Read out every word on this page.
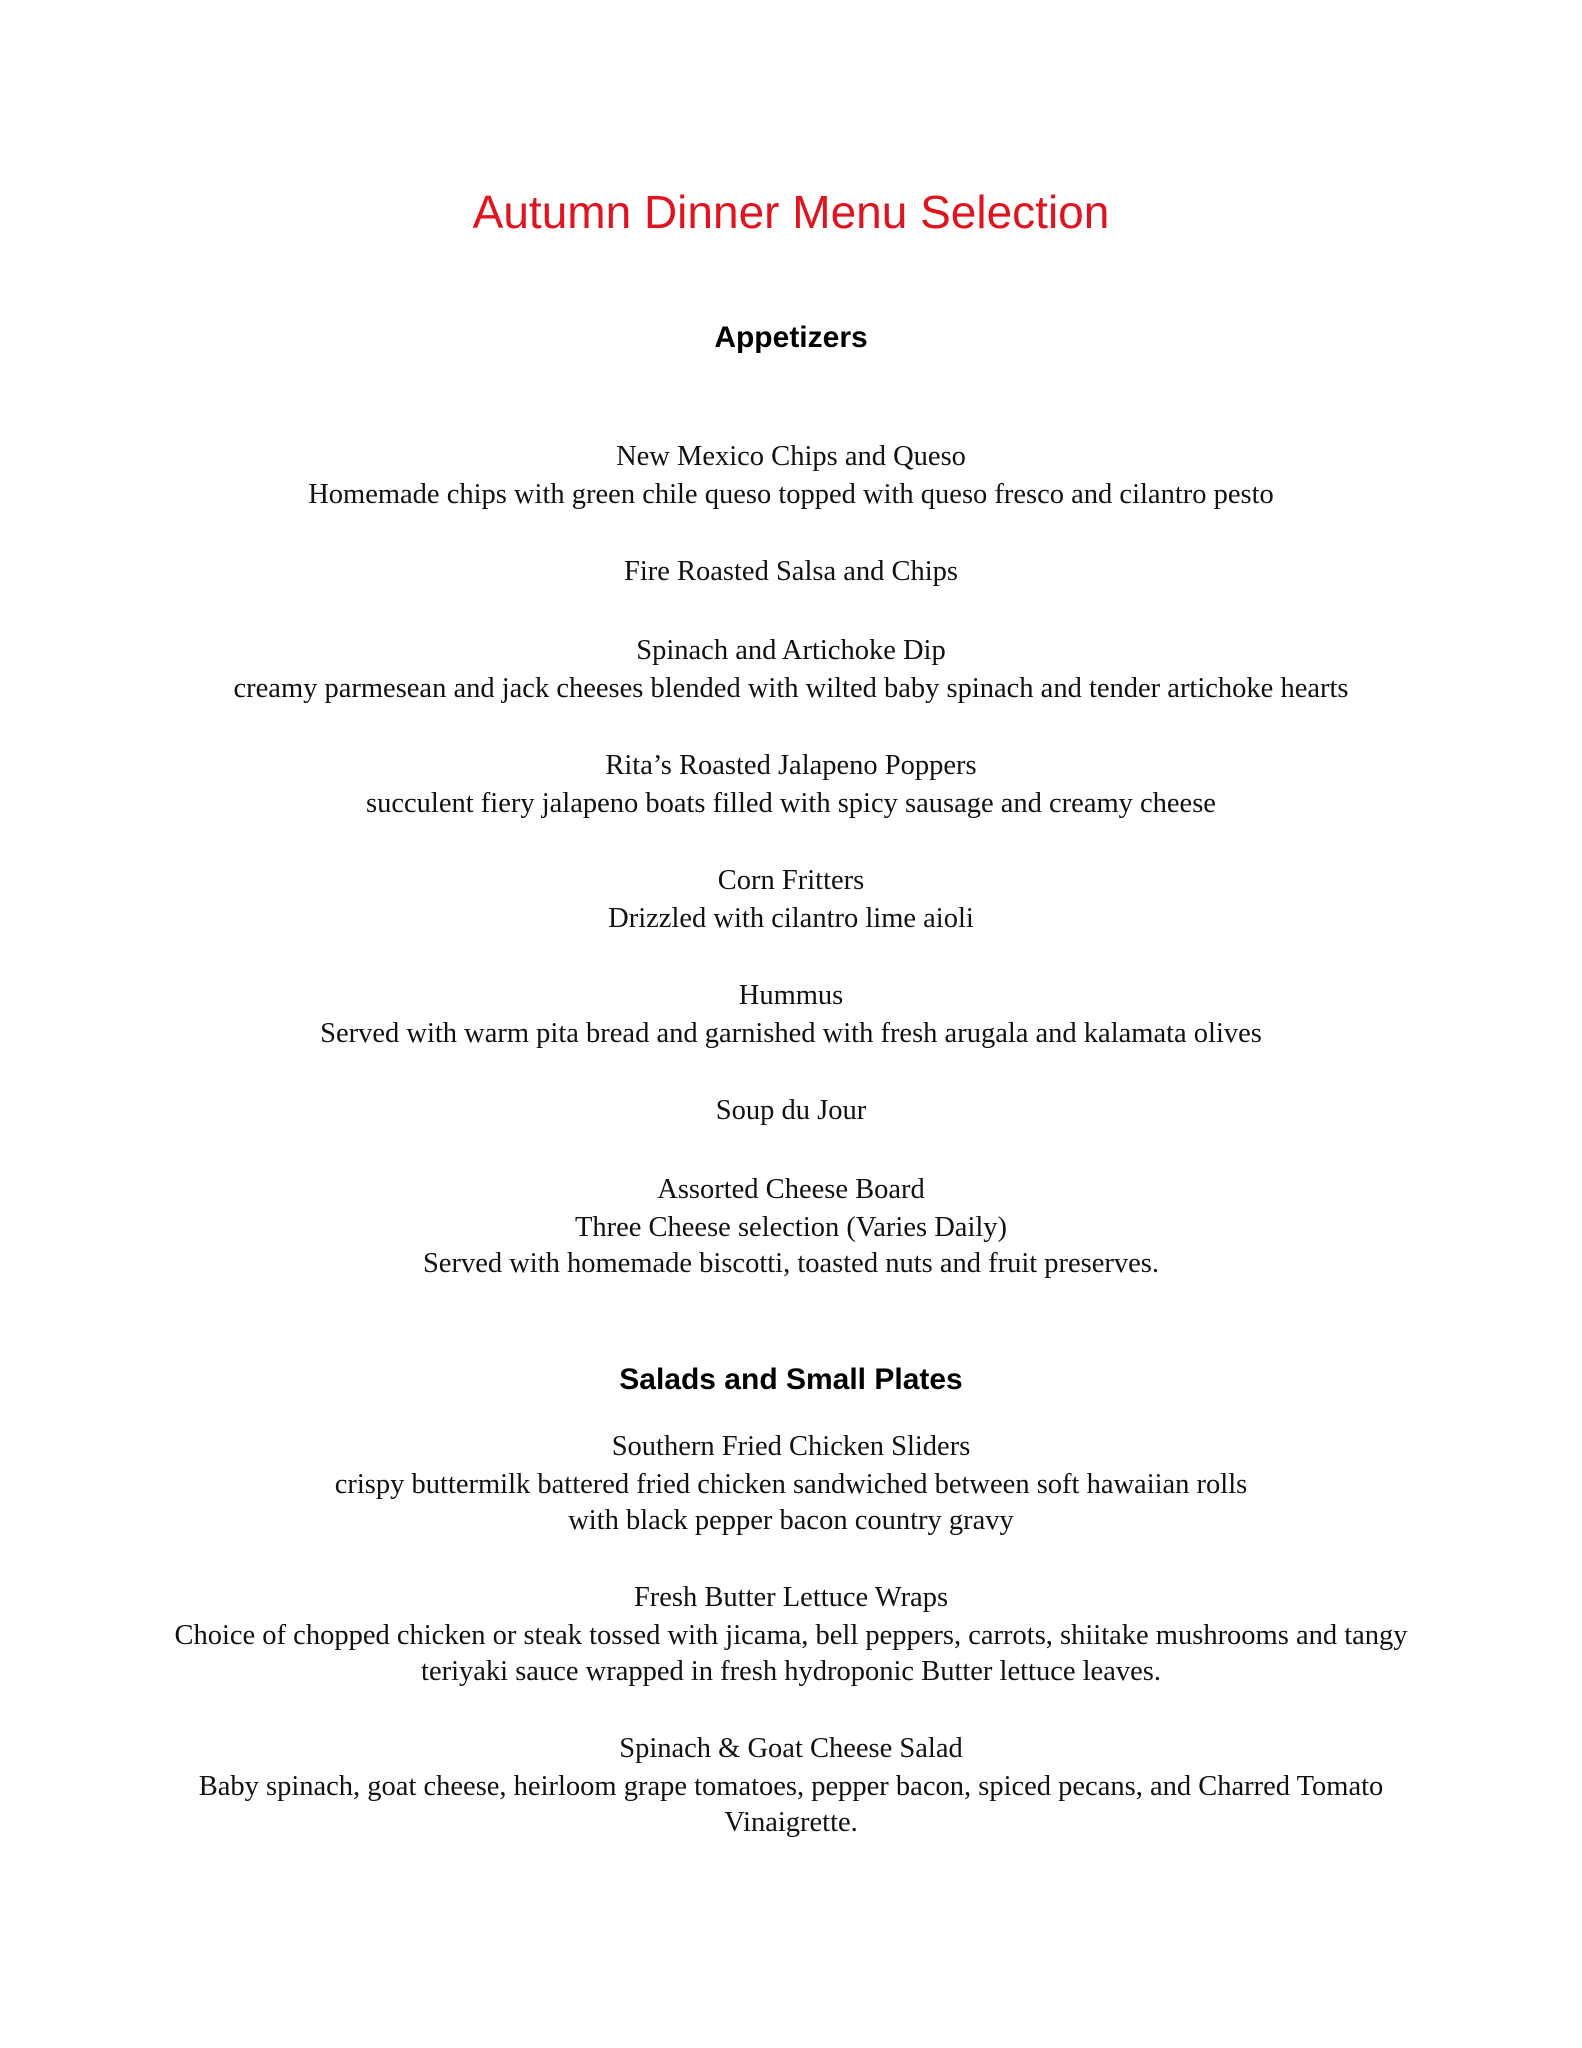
Autumn Dinner Menu Selection
Appetizers

New Mexico Chips and Queso

Homemade chips with green chile queso topped with queso fresco and cilantro pesto

Fire Roasted Salsa and Chips

Spinach and Artichoke Dip

creamy parmesean and jack cheeses blended with wilted baby spinach and tender artichoke hearts

Rita’s Roasted Jalapeno Poppers

succulent fiery jalapeno boats filled with spicy sausage and creamy cheese

Corn Fritters

Drizzled with cilantro lime aioli

Hummus

Served with warm pita bread and garnished with fresh arugala and kalamata olives

Soup du Jour

Assorted Cheese Board

Three Cheese selection (Varies Daily)

Served with homemade biscotti, toasted nuts and fruit preserves.

Salads and Small Plates

Southern Fried Chicken Sliders

crispy buttermilk battered fried chicken sandwiched between soft hawaiian rolls

with black pepper bacon country gravy

Fresh Butter Lettuce Wraps

Choice of chopped chicken or steak tossed with jicama, bell peppers, carrots, shiitake mushrooms and tangy teriyaki sauce wrapped in fresh hydroponic Butter lettuce leaves.

Spinach & Goat Cheese Salad

Baby spinach, goat cheese, heirloom grape tomatoes, pepper bacon, spiced pecans, and Charred Tomato Vinaigrette.
